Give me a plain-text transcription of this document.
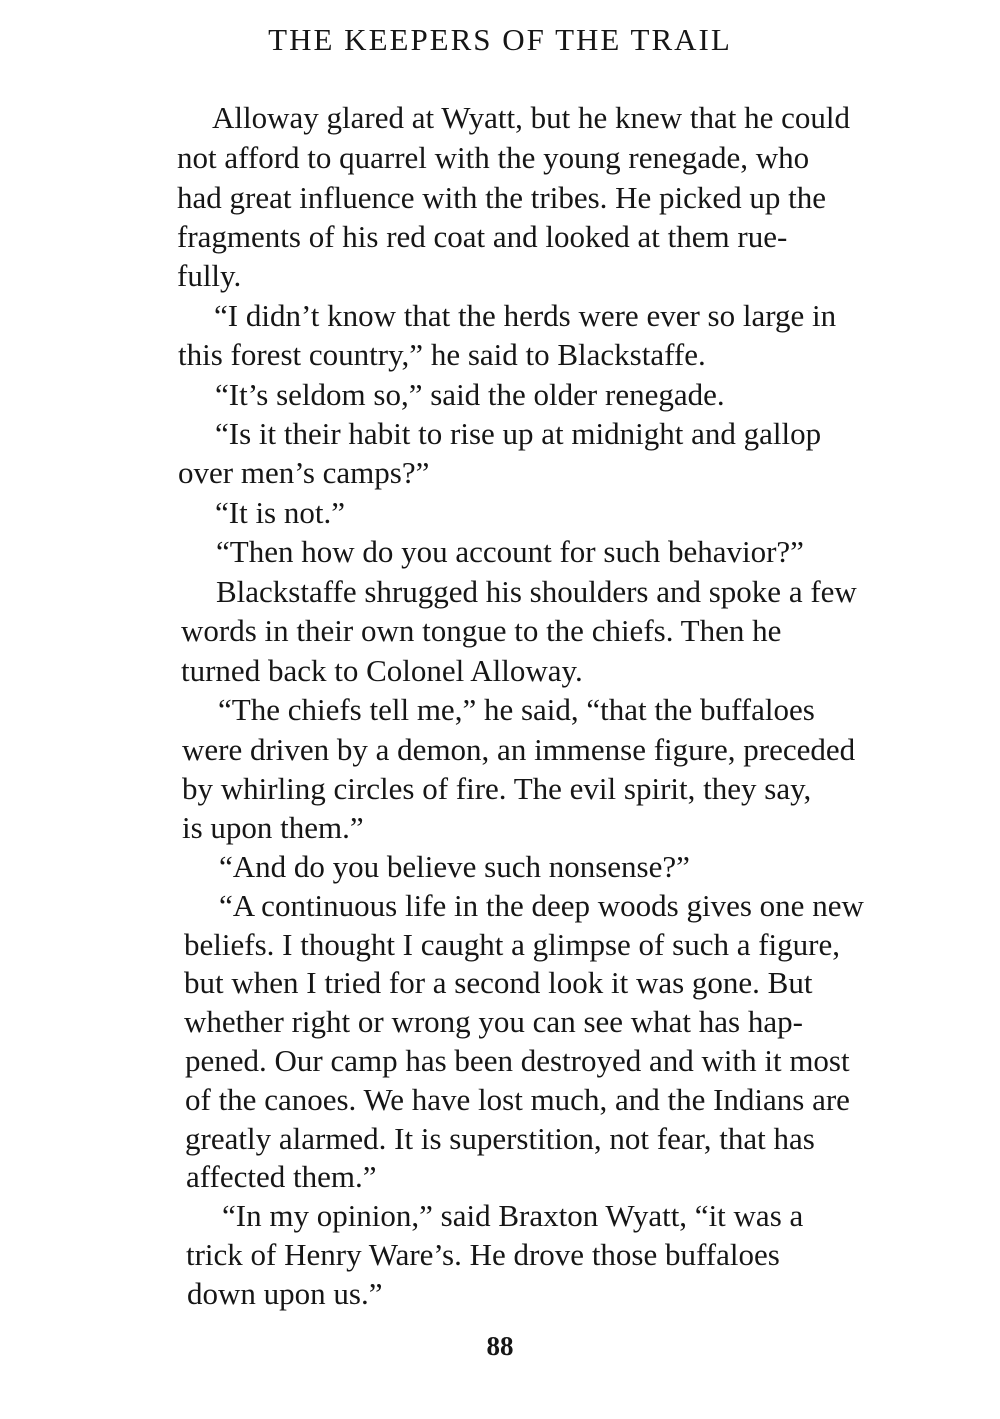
THE KEEPERS OF THE TRAIL
Alloway glared at Wyatt, but he knew that he could
not afford to quarrel with the young renegade, who
had great influence with the tribes. He picked up the
fragments of his red coat and looked at them rue-
fully.
“I didn’t know that the herds were ever so large in
this forest country,” he said to Blackstaffe.
“It’s seldom so,” said the older renegade.
“Is it their habit to rise up at midnight and gallop
over men’s camps?”
“It is not.”
“Then how do you account for such behavior?”
Blackstaffe shrugged his shoulders and spoke a few
words in their own tongue to the chiefs. Then he
turned back to Colonel Alloway.
“The chiefs tell me,” he said, “that the buffaloes
were driven by a demon, an immense figure, preceded
by whirling circles of fire. The evil spirit, they say,
is upon them.”
“And do you believe such nonsense?”
“A continuous life in the deep woods gives one new
beliefs. I thought I caught a glimpse of such a figure,
but when I tried for a second look it was gone. But
whether right or wrong you can see what has hap-
pened. Our camp has been destroyed and with it most
of the canoes. We have lost much, and the Indians are
greatly alarmed. It is superstition, not fear, that has
affected them.”
“In my opinion,” said Braxton Wyatt, “it was a
trick of Henry Ware’s. He drove those buffaloes
down upon us.”
88
